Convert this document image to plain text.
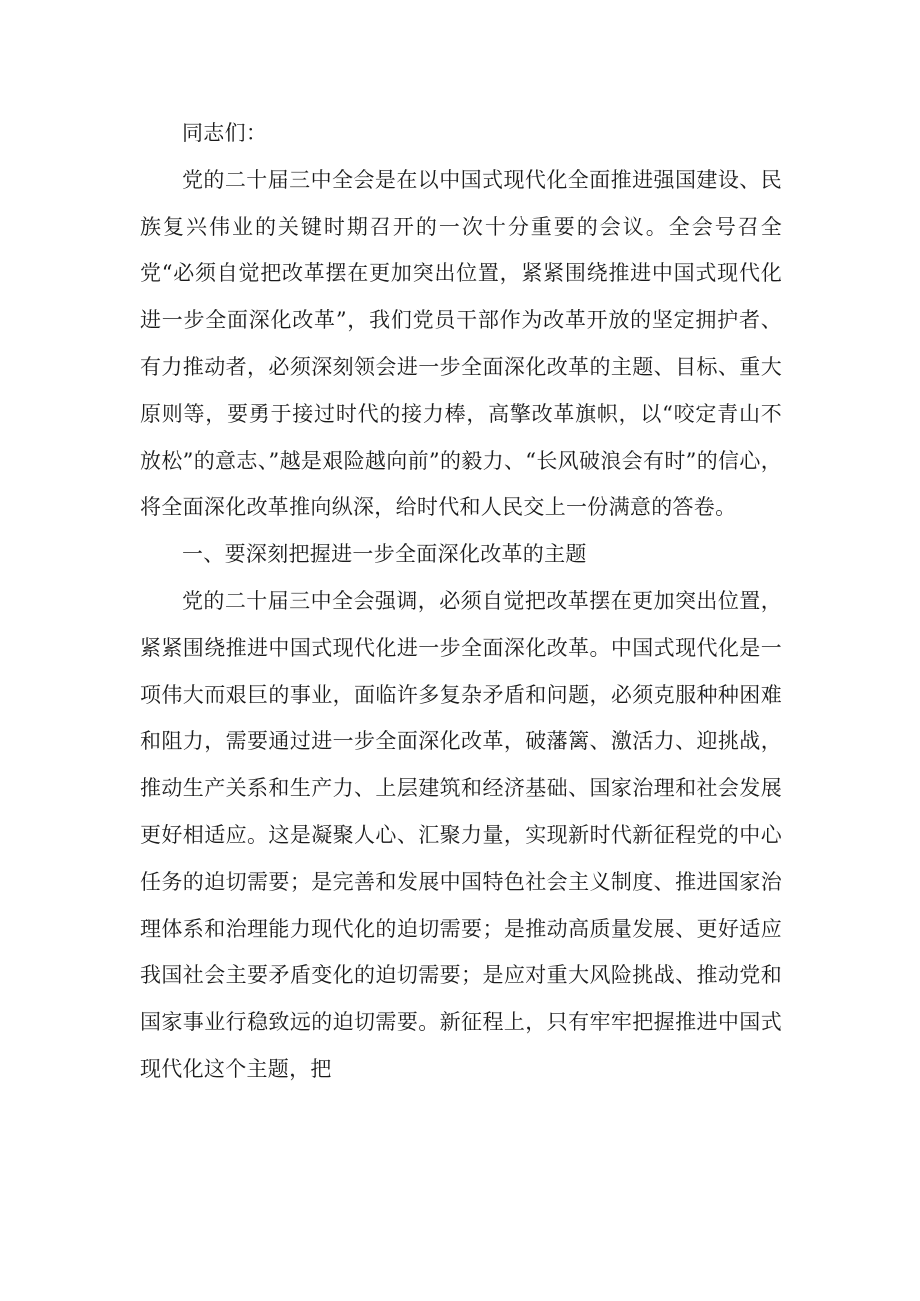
同志们：

党的二十届三中全会是在以中国式现代化全面推进强国建设、民族复兴伟业的关键时期召开的一次十分重要的会议。全会号召全党“必须自觉把改革摆在更加突出位置，紧紧围绕推进中国式现代化进一步全面深化改革”，我们党员干部作为改革开放的坚定拥护者、有力推动者，必须深刻领会进一步全面深化改革的主题、目标、重大原则等，要勇于接过时代的接力棒，高擎改革旗帜，以“咬定青山不放松”的意志、”越是艰险越向前”的毅力、“长风破浪会有时”的信心，将全面深化改革推向纵深，给时代和人民交上一份满意的答卷。

一、要深刻把握进一步全面深化改革的主题

党的二十届三中全会强调，必须自觉把改革摆在更加突出位置，紧紧围绕推进中国式现代化进一步全面深化改革。中国式现代化是一项伟大而艰巨的事业，面临许多复杂矛盾和问题，必须克服种种困难和阻力，需要通过进一步全面深化改革，破藩篱、激活力、迎挑战，推动生产关系和生产力、上层建筑和经济基础、国家治理和社会发展更好相适应。这是凝聚人心、汇聚力量，实现新时代新征程党的中心任务的迫切需要；是完善和发展中国特色社会主义制度、推进国家治理体系和治理能力现代化的迫切需要；是推动高质量发展、更好适应我国社会主要矛盾变化的迫切需要；是应对重大风险挑战、推动党和国家事业行稳致远的迫切需要。新征程上，只有牢牢把握推进中国式现代化这个主题，把
